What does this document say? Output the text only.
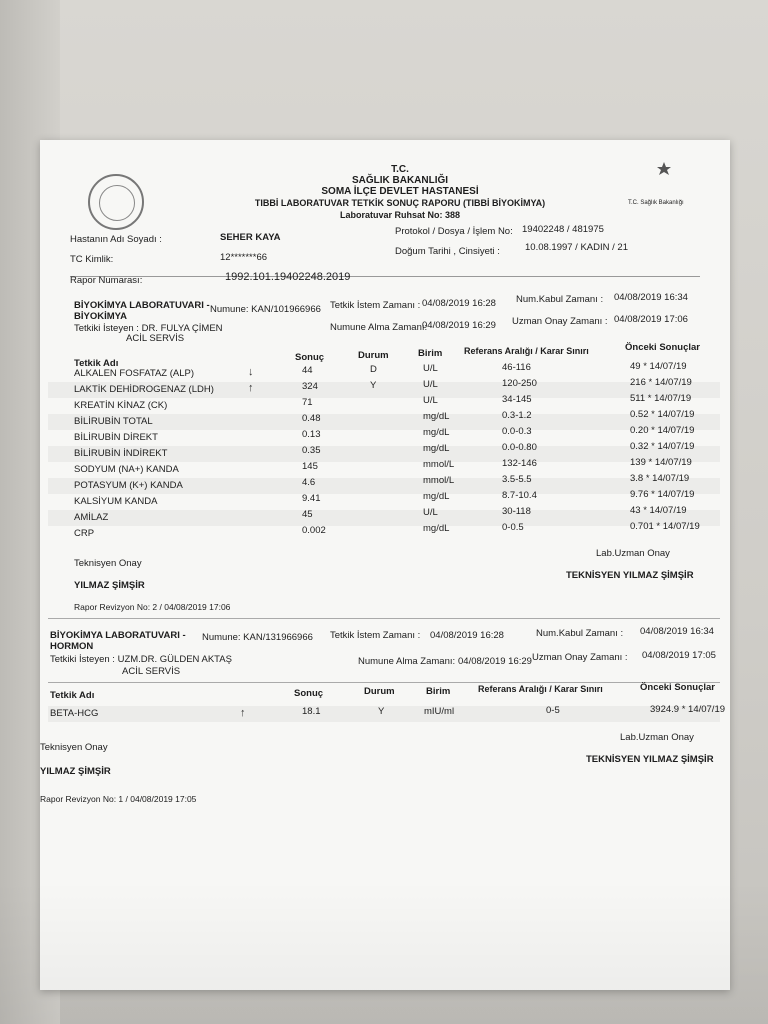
T.C. Sağlık Bakanlığı
T.C.
SAĞLIK BAKANLIĞI
SOMA İLÇE DEVLET HASTANESİ
TIBBİ LABORATUVAR TETKİK SONUÇ RAPORU (TIBBİ BİYOKİMYA)
Laboratuvar Ruhsat No: 388
Hastanın Adı Soyadı :	SEHER KAYA
Protokol / Dosya / İşlem No: 19402248 / 481975
TC Kimlik:	12*******66
Doğum Tarihi , Cinsiyeti :	10.08.1997 / KADIN / 21
Rapor Numarası:	1992.101.19402248.2019
BİYOKİMYA LABORATUVARI -
BİYOKİMYA
Numune: KAN/101966966 Tetkik İstem Zamanı : 04/08/2019 16:28 Num.Kabul Zamanı : 04/08/2019 16:34
Tetkiki İsteyen : DR. FULYA ÇİMEN
ACİL SERVİS
Numune Alma Zamanı:
04/08/2019 16:29 Uzman Onay Zamanı : 04/08/2019 17:06
Tetkik Adı
Sonuç	Durum	Birim Referans Aralığı / Karar Sınırı	Önceki Sonuçlar
ALKALEN FOSFATAZ (ALP)	↓	44	D	U/L	46-116	49 * 14/07/19
LAKTİK DEHİDROGENAZ (LDH)	↑	324	Y	U/L	120-250	216 * 14/07/19
KREATİN KİNAZ (CK)	71	U/L	34-145	511 * 14/07/19
BİLİRUBİN TOTAL	0.48	mg/dL	0.3-1.2	0.52 * 14/07/19
BİLİRUBİN DİREKT	0.13	mg/dL	0.0-0.3	0.20 * 14/07/19
BİLİRUBİN İNDİREKT	0.35	mg/dL	0.0-0.80	0.32 * 14/07/19
SODYUM (NA+) KANDA	145	mmol/L	132-146	139 * 14/07/19
POTASYUM (K+) KANDA	4.6	mmol/L	3.5-5.5	3.8 * 14/07/19
KALSİYUM KANDA	9.41	mg/dL	8.7-10.4	9.76 * 14/07/19
AMİLAZ	45	U/L	30-118	43 * 14/07/19
CRP	0.002	mg/dL	0-0.5	0.701 * 14/07/19
Teknisyen Onay
Lab.Uzman Onay
YILMAZ ŞİMŞİR
TEKNİSYEN YILMAZ ŞİMŞİR
Rapor Revizyon No: 2 / 04/08/2019 17:06
BİYOKİMYA LABORATUVARI -
HORMON
Numune: KAN/131966966 Tetkik İstem Zamanı : 04/08/2019 16:28	Num.Kabul Zamanı : 04/08/2019 16:34
Tetkiki İsteyen : UZM.DR. GÜLDEN AKTAŞ
ACİL SERVİS
Numune Alma Zamanı: 04/08/2019 16:29 Uzman Onay Zamanı : 04/08/2019 17:05
Tetkik Adı	Sonuç	Durum	Birim	Referans Aralığı / Karar Sınırı	Önceki Sonuçlar
BETA-HCG	↑	18.1	Y	mIU/ml	0-5	3924.9 * 14/07/19
Teknisyen Onay
Lab.Uzman Onay
YILMAZ ŞİMŞİR
TEKNİSYEN YILMAZ ŞİMŞİR
Rapor Revizyon No: 1 / 04/08/2019 17:05
